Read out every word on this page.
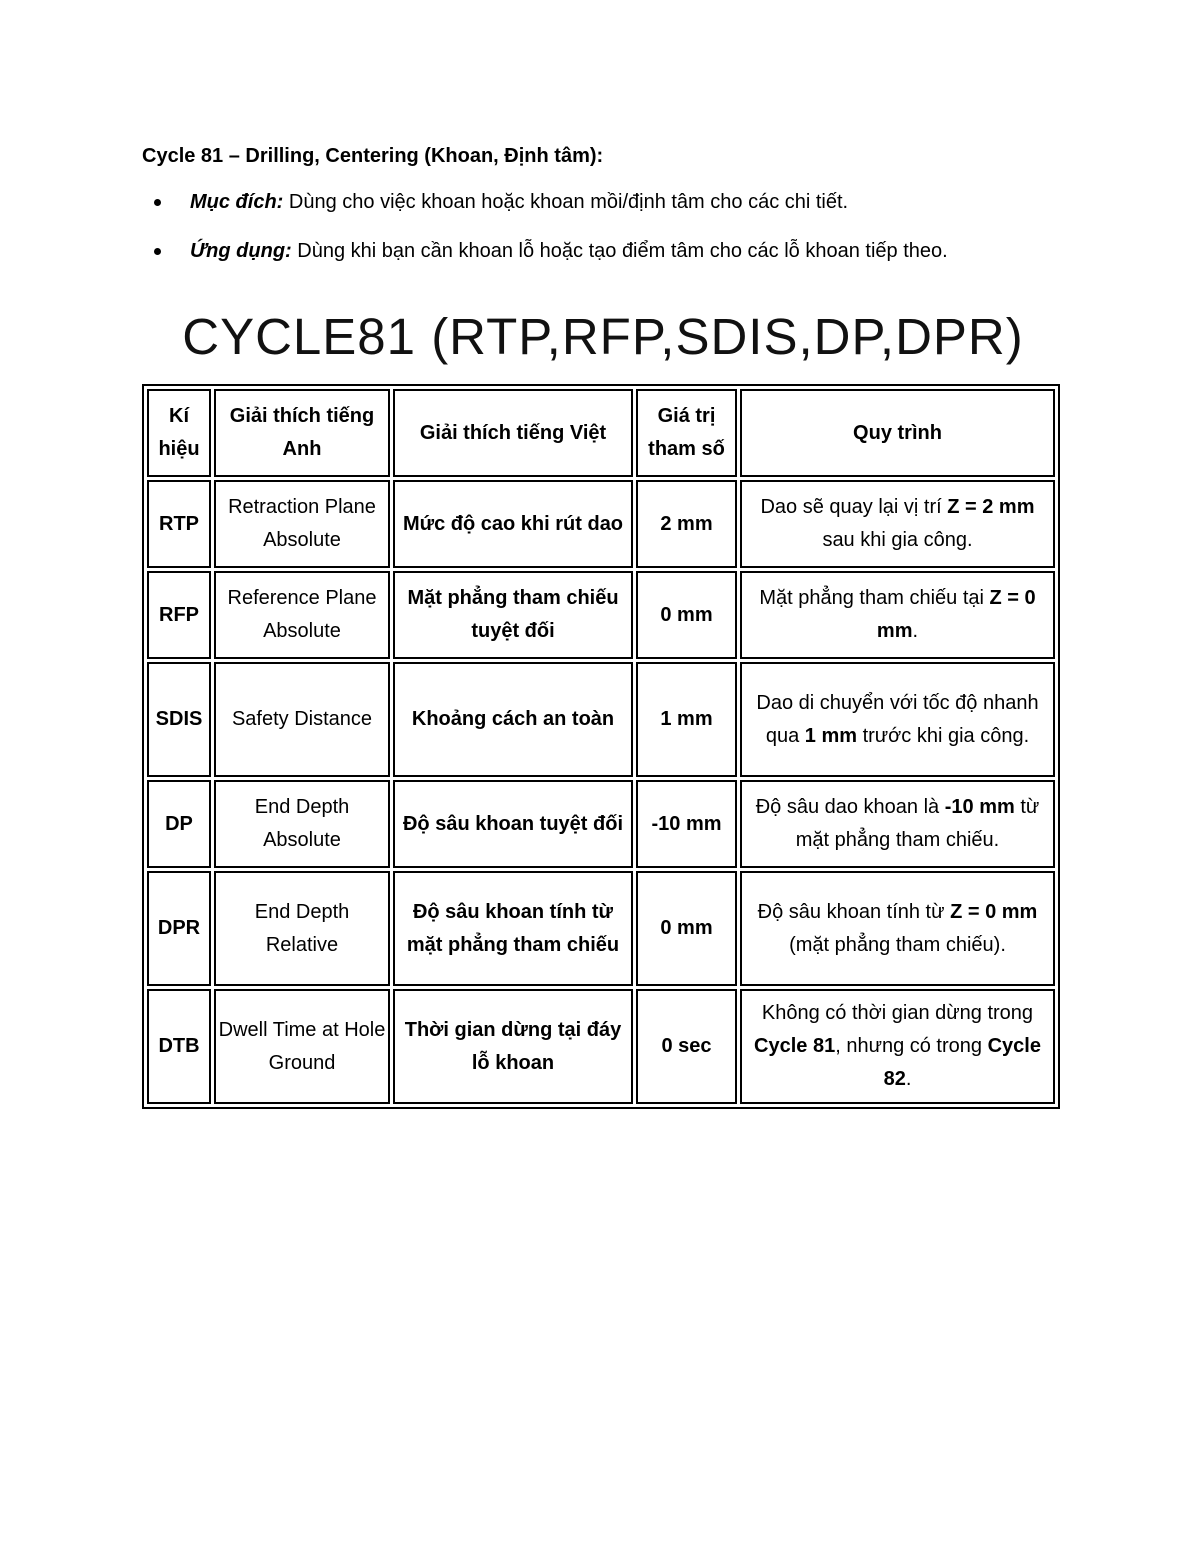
Cycle 81 – Drilling, Centering (Khoan, Định tâm):
Mục đích: Dùng cho việc khoan hoặc khoan mồi/định tâm cho các chi tiết.
Ứng dụng: Dùng khi bạn cần khoan lỗ hoặc tạo điểm tâm cho các lỗ khoan tiếp theo.
CYCLE81 (RTP,RFP,SDIS,DP,DPR)
Kí hiệu	Giải thích tiếng Anh	Giải thích tiếng Việt	Giá trị tham số	Quy trình
RTP	Retraction Plane Absolute	Mức độ cao khi rút dao	2 mm	Dao sẽ quay lại vị trí Z = 2 mm sau khi gia công.
RFP	Reference Plane Absolute	Mặt phẳng tham chiếu tuyệt đối	0 mm	Mặt phẳng tham chiếu tại Z = 0 mm.
SDIS	Safety Distance	Khoảng cách an toàn	1 mm	Dao di chuyển với tốc độ nhanh qua 1 mm trước khi gia công.
DP	End Depth Absolute	Độ sâu khoan tuyệt đối	-10 mm	Độ sâu dao khoan là -10 mm từ mặt phẳng tham chiếu.
DPR	End Depth Relative	Độ sâu khoan tính từ mặt phẳng tham chiếu	0 mm	Độ sâu khoan tính từ Z = 0 mm (mặt phẳng tham chiếu).
DTB	Dwell Time at Hole Ground	Thời gian dừng tại đáy lỗ khoan	0 sec	Không có thời gian dừng trong Cycle 81, nhưng có trong Cycle 82.
